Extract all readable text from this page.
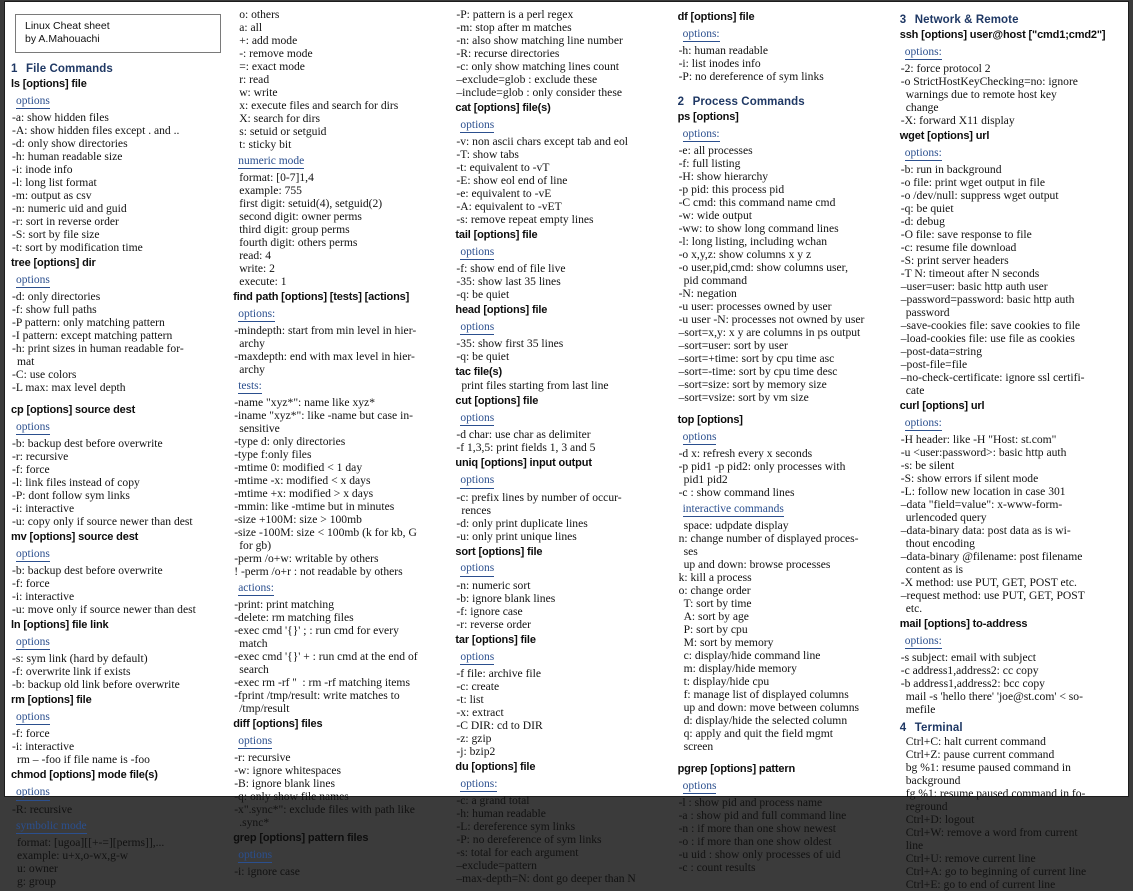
Linux Cheat sheet
by A.Mahouachi
1 File Commands
ls [options] file
options
-a: show hidden files
-A: show hidden files except . and ..
-d: only show directories
-h: human readable size
-i: inode info
-l: long list format
-m: output as csv
-n: numeric uid and guid
-r: sort in reverse order
-S: sort by file size
-t: sort by modification time
tree [options] dir
options
-d: only directories
-f: show full paths
-P pattern: only matching pattern
-I pattern: except matching pattern
-h: print sizes in human readable for-
mat
-C: use colors
-L max: max level depth
cp [options] source dest
options
-b: backup dest before overwrite
-r: recursive
-f: force
-l: link files instead of copy
-P: dont follow sym links
-i: interactive
-u: copy only if source newer than dest
mv [options] source dest
options
-b: backup dest before overwrite
-f: force
-i: interactive
-u: move only if source newer than dest
ln [options] file link
options
-s: sym link (hard by default)
-f: overwrite link if exists
-b: backup old link before overwrite
rm [options] file
options
-f: force
-i: interactive
rm – -foo if file name is -foo
chmod [options] mode file(s)
options
-R: recursive
symbolic mode
format: [ugoa][[+-=][perms]],...
example: u+x,o-wx,g-w
u: owner
g: group
o: others
a: all
+: add mode
-: remove mode
=: exact mode
r: read
w: write
x: execute files and search for dirs
X: search for dirs
s: setuid or setguid
t: sticky bit
numeric mode
format: [0-7]1,4
example: 755
first digit: setuid(4), setguid(2)
second digit: owner perms
third digit: group perms
fourth digit: others perms
read: 4
write: 2
execute: 1
find path [options] [tests] [actions]
options:
-mindepth: start from min level in hier-
archy
-maxdepth: end with max level in hier-
archy
tests:
-name "xyz*": name like xyz*
-iname "xyz*": like -name but case in-
sensitive
-type d: only directories
-type f:only files
-mtime 0: modified < 1 day
-mtime -x: modified < x days
-mtime +x: modified > x days
-mmin: like -mtime but in minutes
-size +100M: size > 100mb
-size -100M: size < 100mb (k for kb, G
for gb)
-perm /o+w: writable by others
! -perm /o+r : not readable by others
actions:
-print: print matching
-delete: rm matching files
-exec cmd '{}' ; : run cmd for every
match
-exec cmd '{}' + : run cmd at the end of
search
-exec rm -rf ''  : rm -rf matching items
-fprint /tmp/result: write matches to
/tmp/result
diff [options] files
options
-r: recursive
-w: ignore whitespaces
-B: ignore blank lines
-q: only show file names
-x".sync*": exclude files with path like
.sync*
grep [options] pattern files
options
-i: ignore case
-P: pattern is a perl regex
-m: stop after m matches
-n: also show matching line number
-R: recurse directories
-c: only show matching lines count
–exclude=glob : exclude these
–include=glob : only consider these
cat [options] file(s)
options
-v: non ascii chars except tab and eol
-T: show tabs
-t: equivalent to -vT
-E: show eol end of line
-e: equivalent to -vE
-A: equivalent to -vET
-s: remove repeat empty lines
tail [options] file
options
-f: show end of file live
-35: show last 35 lines
-q: be quiet
head [options] file
options
-35: show first 35 lines
-q: be quiet
tac file(s)
print files starting from last line
cut [options] file
options
-d char: use char as delimiter
-f 1,3,5: print fields 1, 3 and 5
uniq [options] input output
options
-c: prefix lines by number of occur-
rences
-d: only print duplicate lines
-u: only print unique lines
sort [options] file
options
-n: numeric sort
-b: ignore blank lines
-f: ignore case
-r: reverse order
tar [options] file
options
-f file: archive file
-c: create
-t: list
-x: extract
-C DIR: cd to DIR
-z: gzip
-j: bzip2
du [options] file
options:
-c: a grand total
-h: human readable
-L: dereference sym links
-P: no dereference of sym links
-s: total for each argument
–exclude=pattern
–max-depth=N: dont go deeper than N
df [options] file
options:
-h: human readable
-i: list inodes info
-P: no dereference of sym links
2 Process Commands
ps [options]
options:
-e: all processes
-f: full listing
-H: show hierarchy
-p pid: this process pid
-C cmd: this command name cmd
-w: wide output
-ww: to show long command lines
-l: long listing, including wchan
-o x,y,z: show columns x y z
-o user,pid,cmd: show columns user,
pid command
-N: negation
-u user: processes owned by user
-u user -N: processes not owned by user
–sort=x,y: x y are columns in ps output
–sort=user: sort by user
–sort=+time: sort by cpu time asc
–sort=-time: sort by cpu time desc
–sort=size: sort by memory size
–sort=vsize: sort by vm size
top [options]
options
-d x: refresh every x seconds
-p pid1 -p pid2: only processes with
pid1 pid2
-c : show command lines
interactive commands
space: udpdate display
n: change number of displayed proces-
ses
up and down: browse processes
k: kill a process
o: change order
T: sort by time
A: sort by age
P: sort by cpu
M: sort by memory
c: display/hide command line
m: display/hide memory
t: display/hide cpu
f: manage list of displayed columns
up and down: move between columns
d: display/hide the selected column
q: apply and quit the field mgmt
screen
pgrep [options] pattern
options
-l : show pid and process name
-a : show pid and full command line
-n : if more than one show newest
-o : if more than one show oldest
-u uid : show only processes of uid
-c : count results
3 Network & Remote
ssh [options] user@host ["cmd1;cmd2"]
options:
-2: force protocol 2
-o StrictHostKeyChecking=no: ignore
warnings due to remote host key
change
-X: forward X11 display
wget [options] url
options:
-b: run in background
-o file: print wget output in file
-o /dev/null: suppress wget output
-q: be quiet
-d: debug
-O file: save response to file
-c: resume file download
-S: print server headers
-T N: timeout after N seconds
–user=user: basic http auth user
–password=password: basic http auth
password
–save-cookies file: save cookies to file
–load-cookies file: use file as cookies
–post-data=string
–post-file=file
–no-check-certificate: ignore ssl certifi-
cate
curl [options] url
options:
-H header: like -H "Host: st.com"
-u <user:password>: basic http auth
-s: be silent
-S: show errors if silent mode
-L: follow new location in case 301
–data "field=value": x-www-form-
urlencoded query
–data-binary data: post data as is wi-
thout encoding
–data-binary @filename: post filename
content as is
-X method: use PUT, GET, POST etc.
–request method: use PUT, GET, POST
etc.
mail [options] to-address
options:
-s subject: email with subject
-c address1,address2: cc copy
-b address1,address2: bcc copy
mail -s 'hello there' 'joe@st.com' < so-
mefile
4 Terminal
Ctrl+C: halt current command
Ctrl+Z: pause current command
bg %1: resume paused command in
background
fg %1: resume paused command in fo-
reground
Ctrl+D: logout
Ctrl+W: remove a word from current
line
Ctrl+U: remove current line
Ctrl+A: go to beginning of current line
Ctrl+E: go to end of current line
